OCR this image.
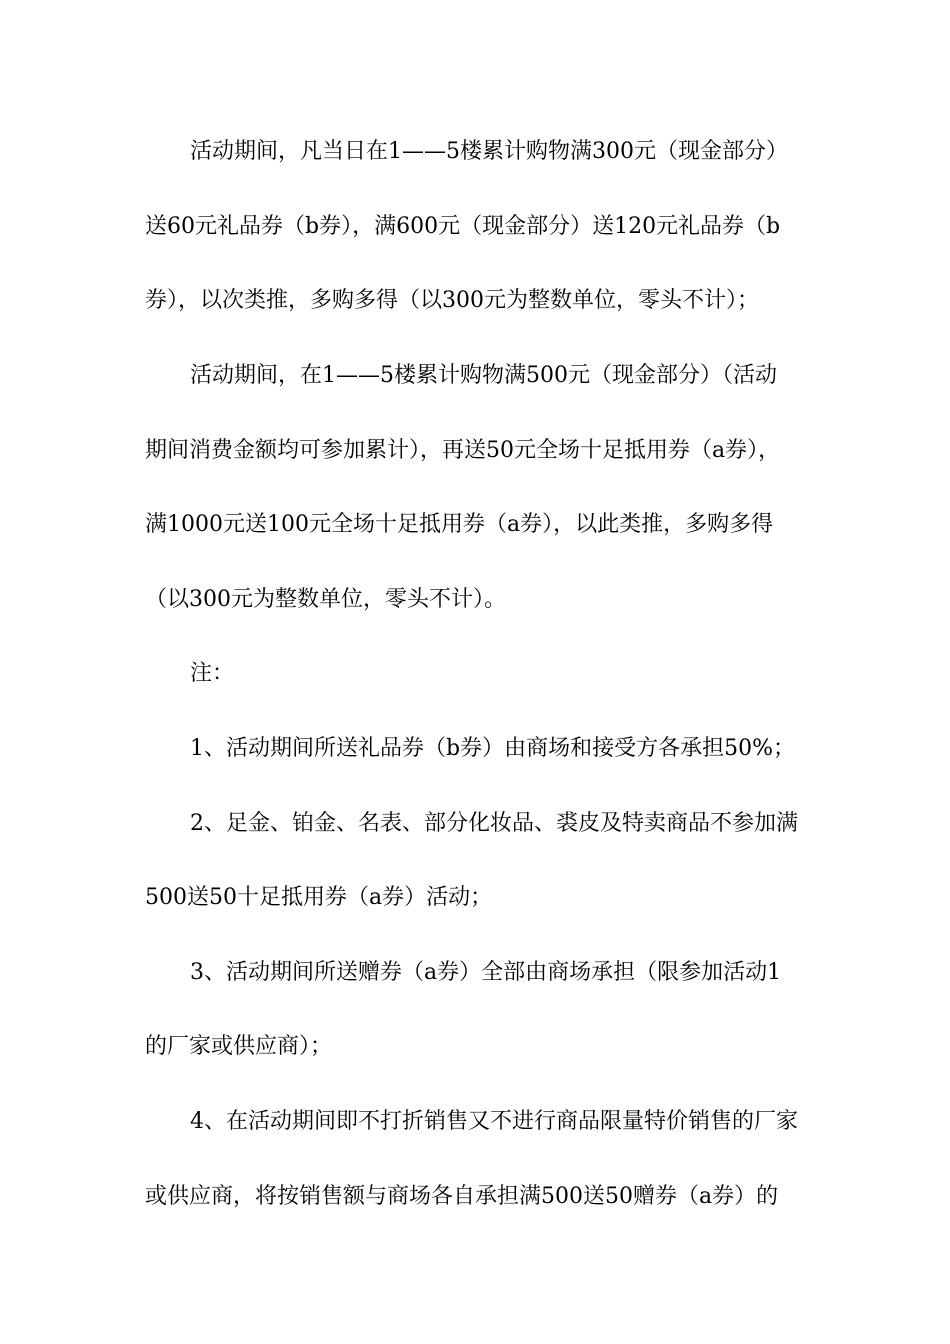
活动期间，凡当日在1——5楼累计购物满300元（现金部分）
送60元礼品券（b券），满600元（现金部分）送120元礼品券（b
券），以次类推，多购多得（以300元为整数单位，零头不计）；
活动期间，在1——5楼累计购物满500元（现金部分）（活动
期间消费金额均可参加累计），再送50元全场十足抵用券（a券），
满1000元送100元全场十足抵用券（a券），以此类推，多购多得
（以300元为整数单位，零头不计）。
注：
1、活动期间所送礼品券（b券）由商场和接受方各承担50%；
2、足金、铂金、名表、部分化妆品、裘皮及特卖商品不参加满
500送50十足抵用券（a券）活动；
3、活动期间所送赠券（a券）全部由商场承担（限参加活动1
的厂家或供应商）；
4、在活动期间即不打折销售又不进行商品限量特价销售的厂家
或供应商，将按销售额与商场各自承担满500送50赠券（a券）的
